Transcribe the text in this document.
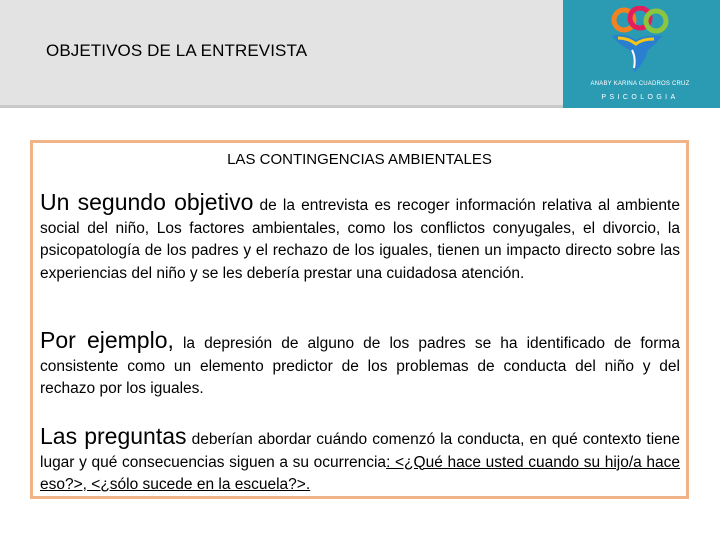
OBJETIVOS DE LA ENTREVISTA
ANABY KARINA CUADROS CRUZ
PSICOLOGIA
LAS CONTINGENCIAS AMBIENTALES

Un segundo objetivo de la entrevista es recoger información relativa al ambiente social del niño, Los factores ambientales, como los conflictos conyugales, el divorcio, la psicopatología de los padres y el rechazo de los iguales, tienen un impacto directo sobre las experiencias del niño y se les debería prestar una cuidadosa atención.

Por ejemplo, la depresión de alguno de los padres se ha identificado de forma consistente como un elemento predictor de los problemas de conducta del niño y del rechazo por los iguales.

Las preguntas deberían abordar cuándo comenzó la conducta, en qué contexto tiene lugar y qué consecuencias siguen a su ocurrencia: <¿Qué hace usted cuando su hijo/a hace eso?>, <¿sólo sucede en la escuela?>.
